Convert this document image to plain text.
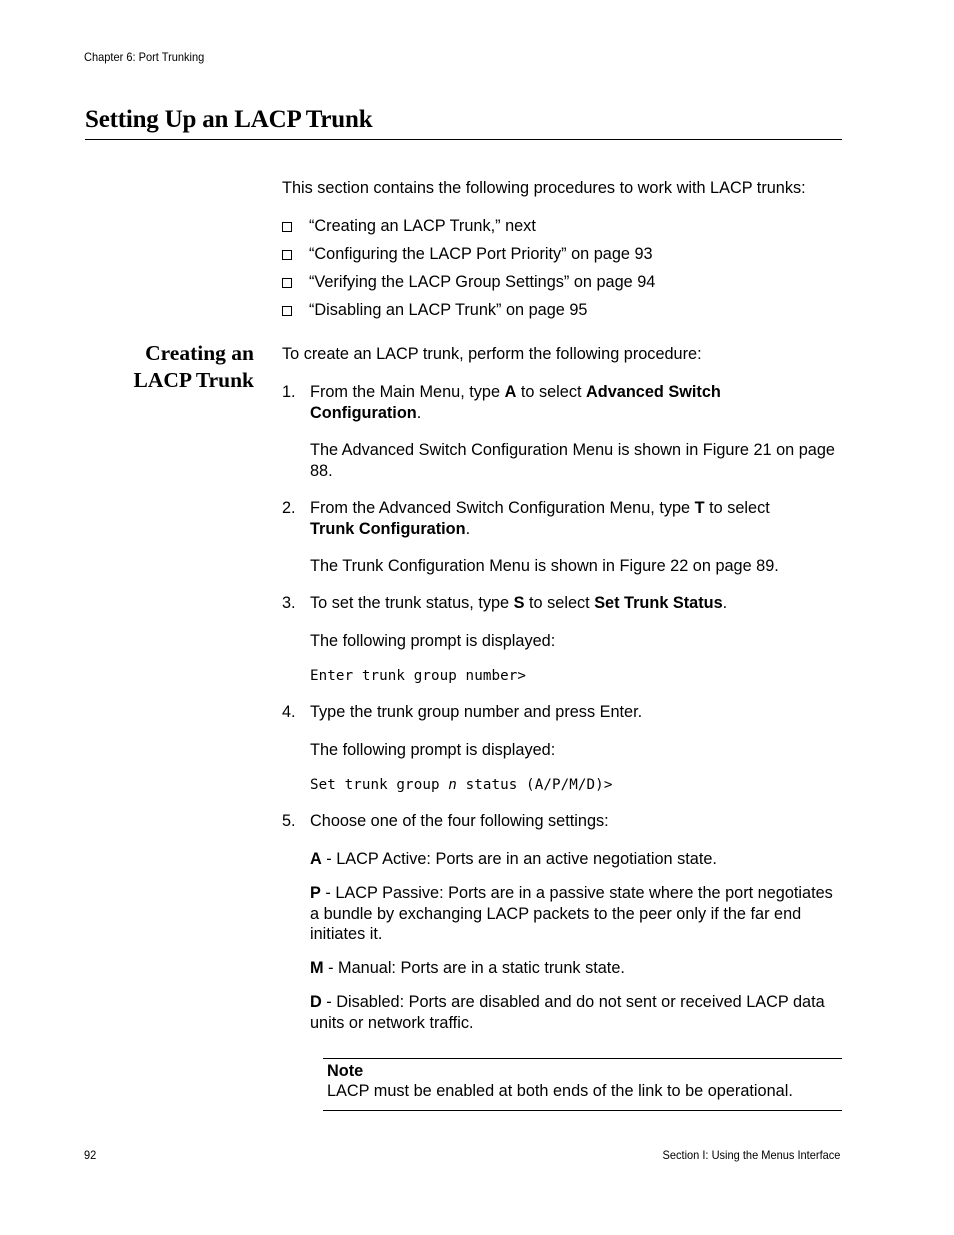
Chapter 6: Port Trunking
Setting Up an LACP Trunk
This section contains the following procedures to work with LACP trunks:
“Creating an LACP Trunk,” next
“Configuring the LACP Port Priority” on page 93
“Verifying the LACP Group Settings” on page 94
“Disabling an LACP Trunk” on page 95
Creating an
LACP Trunk
To create an LACP trunk, perform the following procedure:
1. From the Main Menu, type A to select Advanced Switch Configuration.
The Advanced Switch Configuration Menu is shown in Figure 21 on page 88.
2. From the Advanced Switch Configuration Menu, type T to select
Trunk Configuration.
The Trunk Configuration Menu is shown in Figure 22 on page 89.
3. To set the trunk status, type S to select Set Trunk Status.
The following prompt is displayed:
Enter trunk group number>
4. Type the trunk group number and press Enter.
The following prompt is displayed:
Set trunk group n status (A/P/M/D)>
5. Choose one of the four following settings:
A - LACP Active: Ports are in an active negotiation state.
P - LACP Passive: Ports are in a passive state where the port negotiates a bundle by exchanging LACP packets to the peer only if the far end initiates it.
M - Manual: Ports are in a static trunk state.
D - Disabled: Ports are disabled and do not sent or received LACP data units or network traffic.
Note
LACP must be enabled at both ends of the link to be operational.
92	Section I: Using the Menus Interface
